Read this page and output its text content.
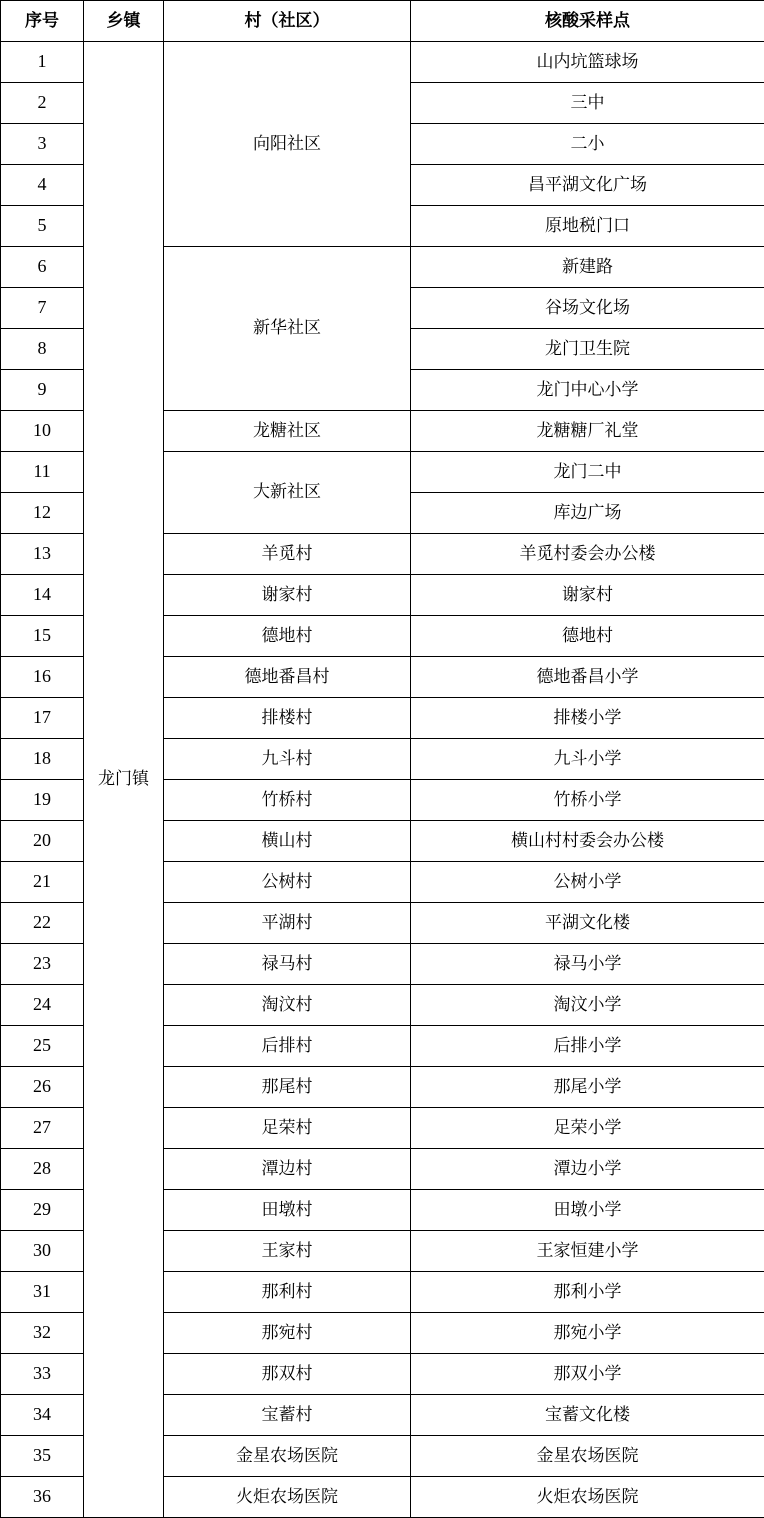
序号	乡镇	村（社区）	核酸采样点
1	龙门镇	向阳社区	山内坑篮球场
2			三中
3			二小
4			昌平湖文化广场
5			原地税门口
6		新华社区	新建路
7			谷场文化场
8			龙门卫生院
9			龙门中心小学
10		龙糖社区	龙糖糖厂礼堂
11		大新社区	龙门二中
12			库边广场
13		羊觅村	羊觅村委会办公楼
14		谢家村	谢家村
15		德地村	德地村
16		德地番昌村	德地番昌小学
17		排楼村	排楼小学
18		九斗村	九斗小学
19		竹桥村	竹桥小学
20		横山村	横山村村委会办公楼
21		公树村	公树小学
22		平湖村	平湖文化楼
23		禄马村	禄马小学
24		淘汶村	淘汶小学
25		后排村	后排小学
26		那尾村	那尾小学
27		足荣村	足荣小学
28		潭边村	潭边小学
29		田墩村	田墩小学
30		王家村	王家恒建小学
31		那利村	那利小学
32		那宛村	那宛小学
33		那双村	那双小学
34		宝蓄村	宝蓄文化楼
35		金星农场医院	金星农场医院
36		火炬农场医院	火炬农场医院
